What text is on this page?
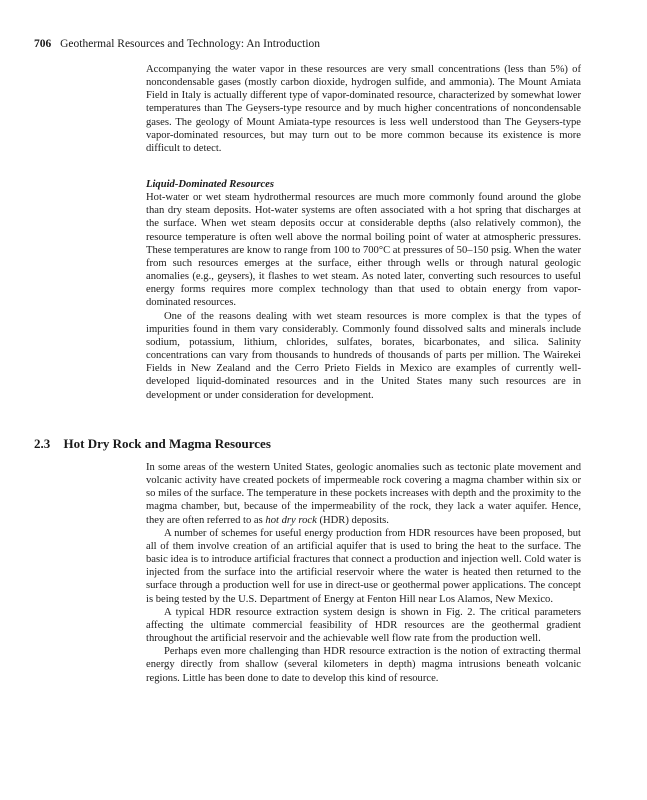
706 Geothermal Resources and Technology: An Introduction

Accompanying the water vapor in these resources are very small concentrations (less than 5%) of noncondensable gases (mostly carbon dioxide, hydrogen sulfide, and ammonia). The Mount Amiata Field in Italy is actually different type of vapor-dominated resource, characterized by somewhat lower temperatures than The Geysers-type resource and by much higher concentrations of noncondensable gases. The geology of Mount Amiata-type resources is less well understood than The Geysers-type vapor-dominated resources, but may turn out to be more common because its existence is more difficult to detect.

Liquid-Dominated Resources

Hot-water or wet steam hydrothermal resources are much more commonly found around the globe than dry steam deposits. Hot-water systems are often associated with a hot spring that discharges at the surface. When wet steam deposits occur at considerable depths (also relatively common), the resource temperature is often well above the normal boiling point of water at atmospheric pressures. These temperatures are know to range from 100 to 700°C at pressures of 50–150 psig. When the water from such resources emerges at the surface, either through wells or through natural geologic anomalies (e.g., geysers), it flashes to wet steam. As noted later, converting such resources to useful energy forms requires more complex technology than that used to obtain energy from vapor-dominated resources.

One of the reasons dealing with wet steam resources is more complex is that the types of impurities found in them vary considerably. Commonly found dissolved salts and minerals include sodium, potassium, lithium, chlorides, sulfates, borates, bicarbonates, and silica. Salinity concentrations can vary from thousands to hundreds of thousands of parts per million. The Wairekei Fields in New Zealand and the Cerro Prieto Fields in Mexico are examples of currently well-developed liquid-dominated resources and in the United States many such resources are in development or under consideration for development.

2.3 Hot Dry Rock and Magma Resources

In some areas of the western United States, geologic anomalies such as tectonic plate movement and volcanic activity have created pockets of impermeable rock covering a magma chamber within six or so miles of the surface. The temperature in these pockets increases with depth and the proximity to the magma chamber, but, because of the impermeability of the rock, they lack a water aquifer. Hence, they are often referred to as hot dry rock (HDR) deposits.

A number of schemes for useful energy production from HDR resources have been proposed, but all of them involve creation of an artificial aquifer that is used to bring the heat to the surface. The basic idea is to introduce artificial fractures that connect a production and injection well. Cold water is injected from the surface into the artificial reservoir where the water is heated then returned to the surface through a production well for use in direct-use or geothermal power applications. The concept is being tested by the U.S. Department of Energy at Fenton Hill near Los Alamos, New Mexico.

A typical HDR resource extraction system design is shown in Fig. 2. The critical parameters affecting the ultimate commercial feasibility of HDR resources are the geothermal gradient throughout the artificial reservoir and the achievable well flow rate from the production well.

Perhaps even more challenging than HDR resource extraction is the notion of extracting thermal energy directly from shallow (several kilometers in depth) magma intrusions beneath volcanic regions. Little has been done to date to develop this kind of resource.
